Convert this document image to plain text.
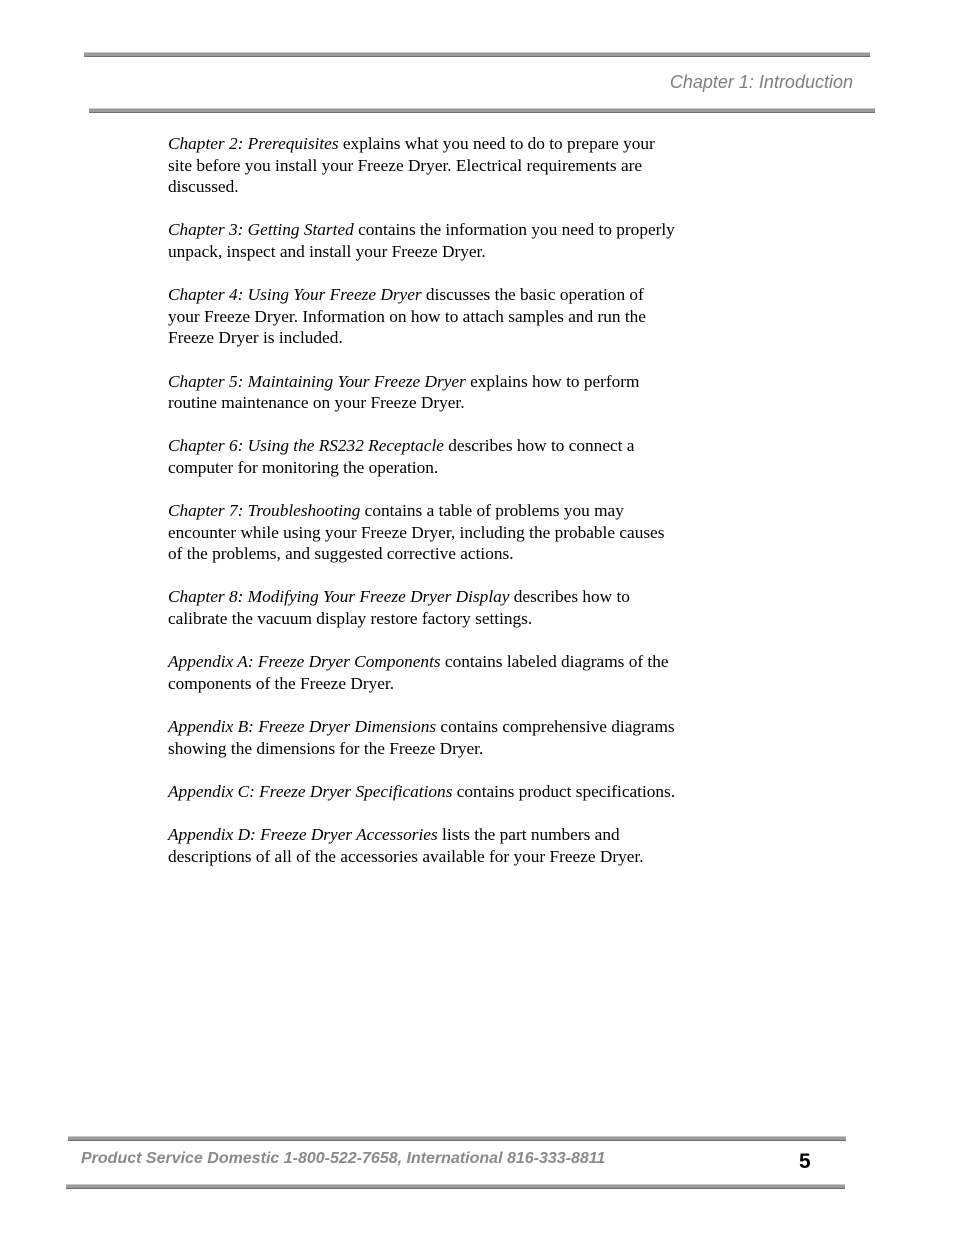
Chapter 1: Introduction

Chapter 2: Prerequisites explains what you need to do to prepare your site before you install your Freeze Dryer. Electrical requirements are discussed.

Chapter 3: Getting Started contains the information you need to properly unpack, inspect and install your Freeze Dryer.

Chapter 4: Using Your Freeze Dryer discusses the basic operation of your Freeze Dryer. Information on how to attach samples and run the Freeze Dryer is included.

Chapter 5: Maintaining Your Freeze Dryer explains how to perform routine maintenance on your Freeze Dryer.

Chapter 6: Using the RS232 Receptacle describes how to connect a computer for monitoring the operation.

Chapter 7: Troubleshooting contains a table of problems you may encounter while using your Freeze Dryer, including the probable causes of the problems, and suggested corrective actions.

Chapter 8: Modifying Your Freeze Dryer Display describes how to calibrate the vacuum display restore factory settings.

Appendix A: Freeze Dryer Components contains labeled diagrams of the components of the Freeze Dryer.

Appendix B: Freeze Dryer Dimensions contains comprehensive diagrams showing the dimensions for the Freeze Dryer.

Appendix C: Freeze Dryer Specifications contains product specifications.

Appendix D: Freeze Dryer Accessories lists the part numbers and descriptions of all of the accessories available for your Freeze Dryer.

Product Service Domestic 1-800-522-7658, International 816-333-8811	5
